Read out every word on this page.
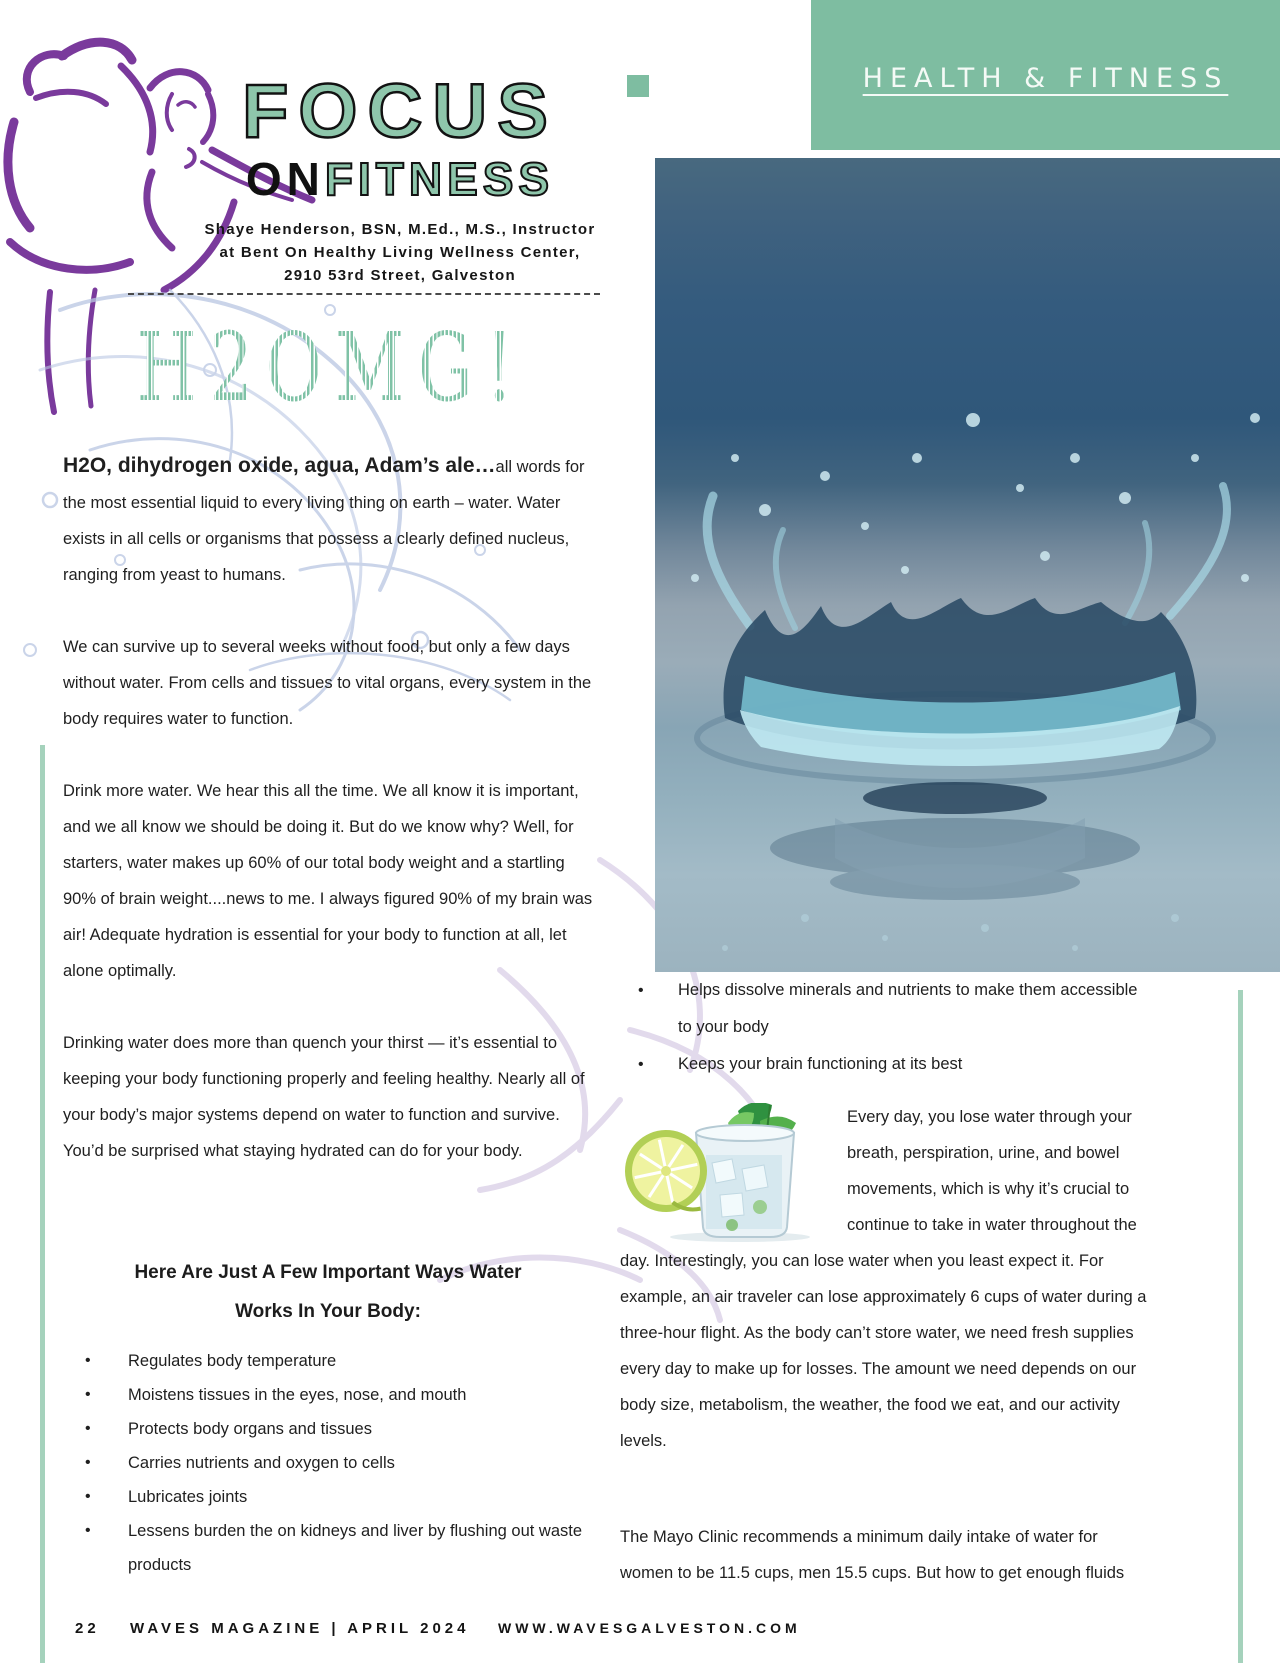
HEALTH & FITNESS
FOCUS
ONFITNESS
Shaye Henderson, BSN, M.Ed., M.S., Instructor
at Bent On Healthy Living Wellness Center,
2910 53rd Street, Galveston
H2OMG!

H2O, dihydrogen oxide, agua, Adam’s ale…all words for the most essential liquid to every living thing on earth – water. Water exists in all cells or organisms that possess a clearly defined nucleus, ranging from yeast to humans.

We can survive up to several weeks without food, but only a few days without water. From cells and tissues to vital organs, every system in the body requires water to function.

Drink more water. We hear this all the time. We all know it is important, and we all know we should be doing it. But do we know why? Well, for starters, water makes up 60% of our total body weight and a startling 90% of brain weight....news to me. I always figured 90% of my brain was air! Adequate hydration is essential for your body to function at all, let alone optimally.

Drinking water does more than quench your thirst — it’s essential to keeping your body functioning properly and feeling healthy. Nearly all of your body’s major systems depend on water to function and survive. You’d be surprised what staying hydrated can do for your body.

Here Are Just A Few Important Ways Water
Works In Your Body:
• Regulates body temperature
• Moistens tissues in the eyes, nose, and mouth
• Protects body organs and tissues
• Carries nutrients and oxygen to cells
• Lubricates joints
• Lessens burden the on kidneys and liver by flushing out waste products
• Helps dissolve minerals and nutrients to make them accessible to your body
• Keeps your brain functioning at its best

Every day, you lose water through your breath, perspiration, urine, and bowel movements, which is why it’s crucial to continue to take in water throughout the day. Interestingly, you can lose water when you least expect it. For example, an air traveler can lose approximately 6 cups of water during a three-hour flight. As the body can’t store water, we need fresh supplies every day to make up for losses. The amount we need depends on our body size, metabolism, the weather, the food we eat, and our activity levels.

The Mayo Clinic recommends a minimum daily intake of water for women to be 11.5 cups, men 15.5 cups. But how to get enough fluids

22 WAVES MAGAZINE | APRIL 2024 WWW.WAVESGALVESTON.COM
